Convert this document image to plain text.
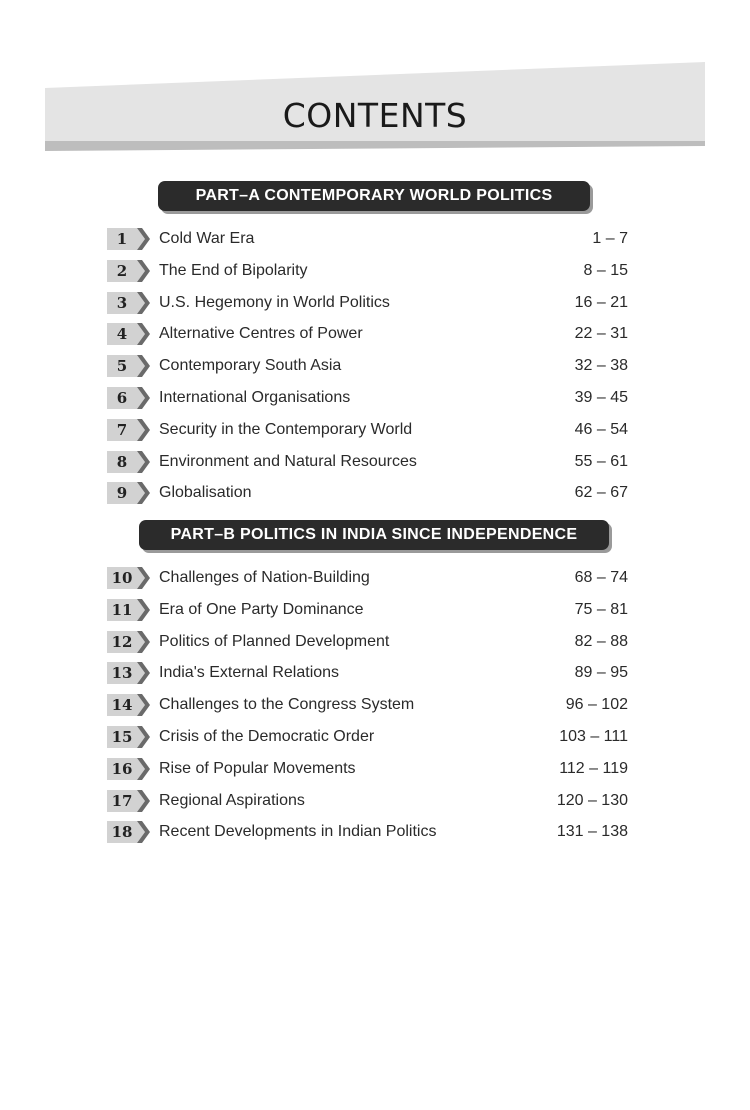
CONTENTS
PART–A CONTEMPORARY WORLD POLITICS
1	Cold War Era	1 – 7
2	The End of Bipolarity	8 – 15
3	U.S. Hegemony in World Politics	16 – 21
4	Alternative Centres of Power	22 – 31
5	Contemporary South Asia	32 – 38
6	International Organisations	39 – 45
7	Security in the Contemporary World	46 – 54
8	Environment and Natural Resources	55 – 61
9	Globalisation	62 – 67
PART–B POLITICS IN INDIA SINCE INDEPENDENCE
10 Challenges of Nation-Building	68 – 74
11 Era of One Party Dominance	75 – 81
12 Politics of Planned Development	82 – 88
13 India's External Relations	89 – 95
14 Challenges to the Congress System	96 – 102
15 Crisis of the Democratic Order	103 – 111
16 Rise of Popular Movements	112 – 119
17 Regional Aspirations	120 – 130
18 Recent Developments in Indian Politics	131 – 138
